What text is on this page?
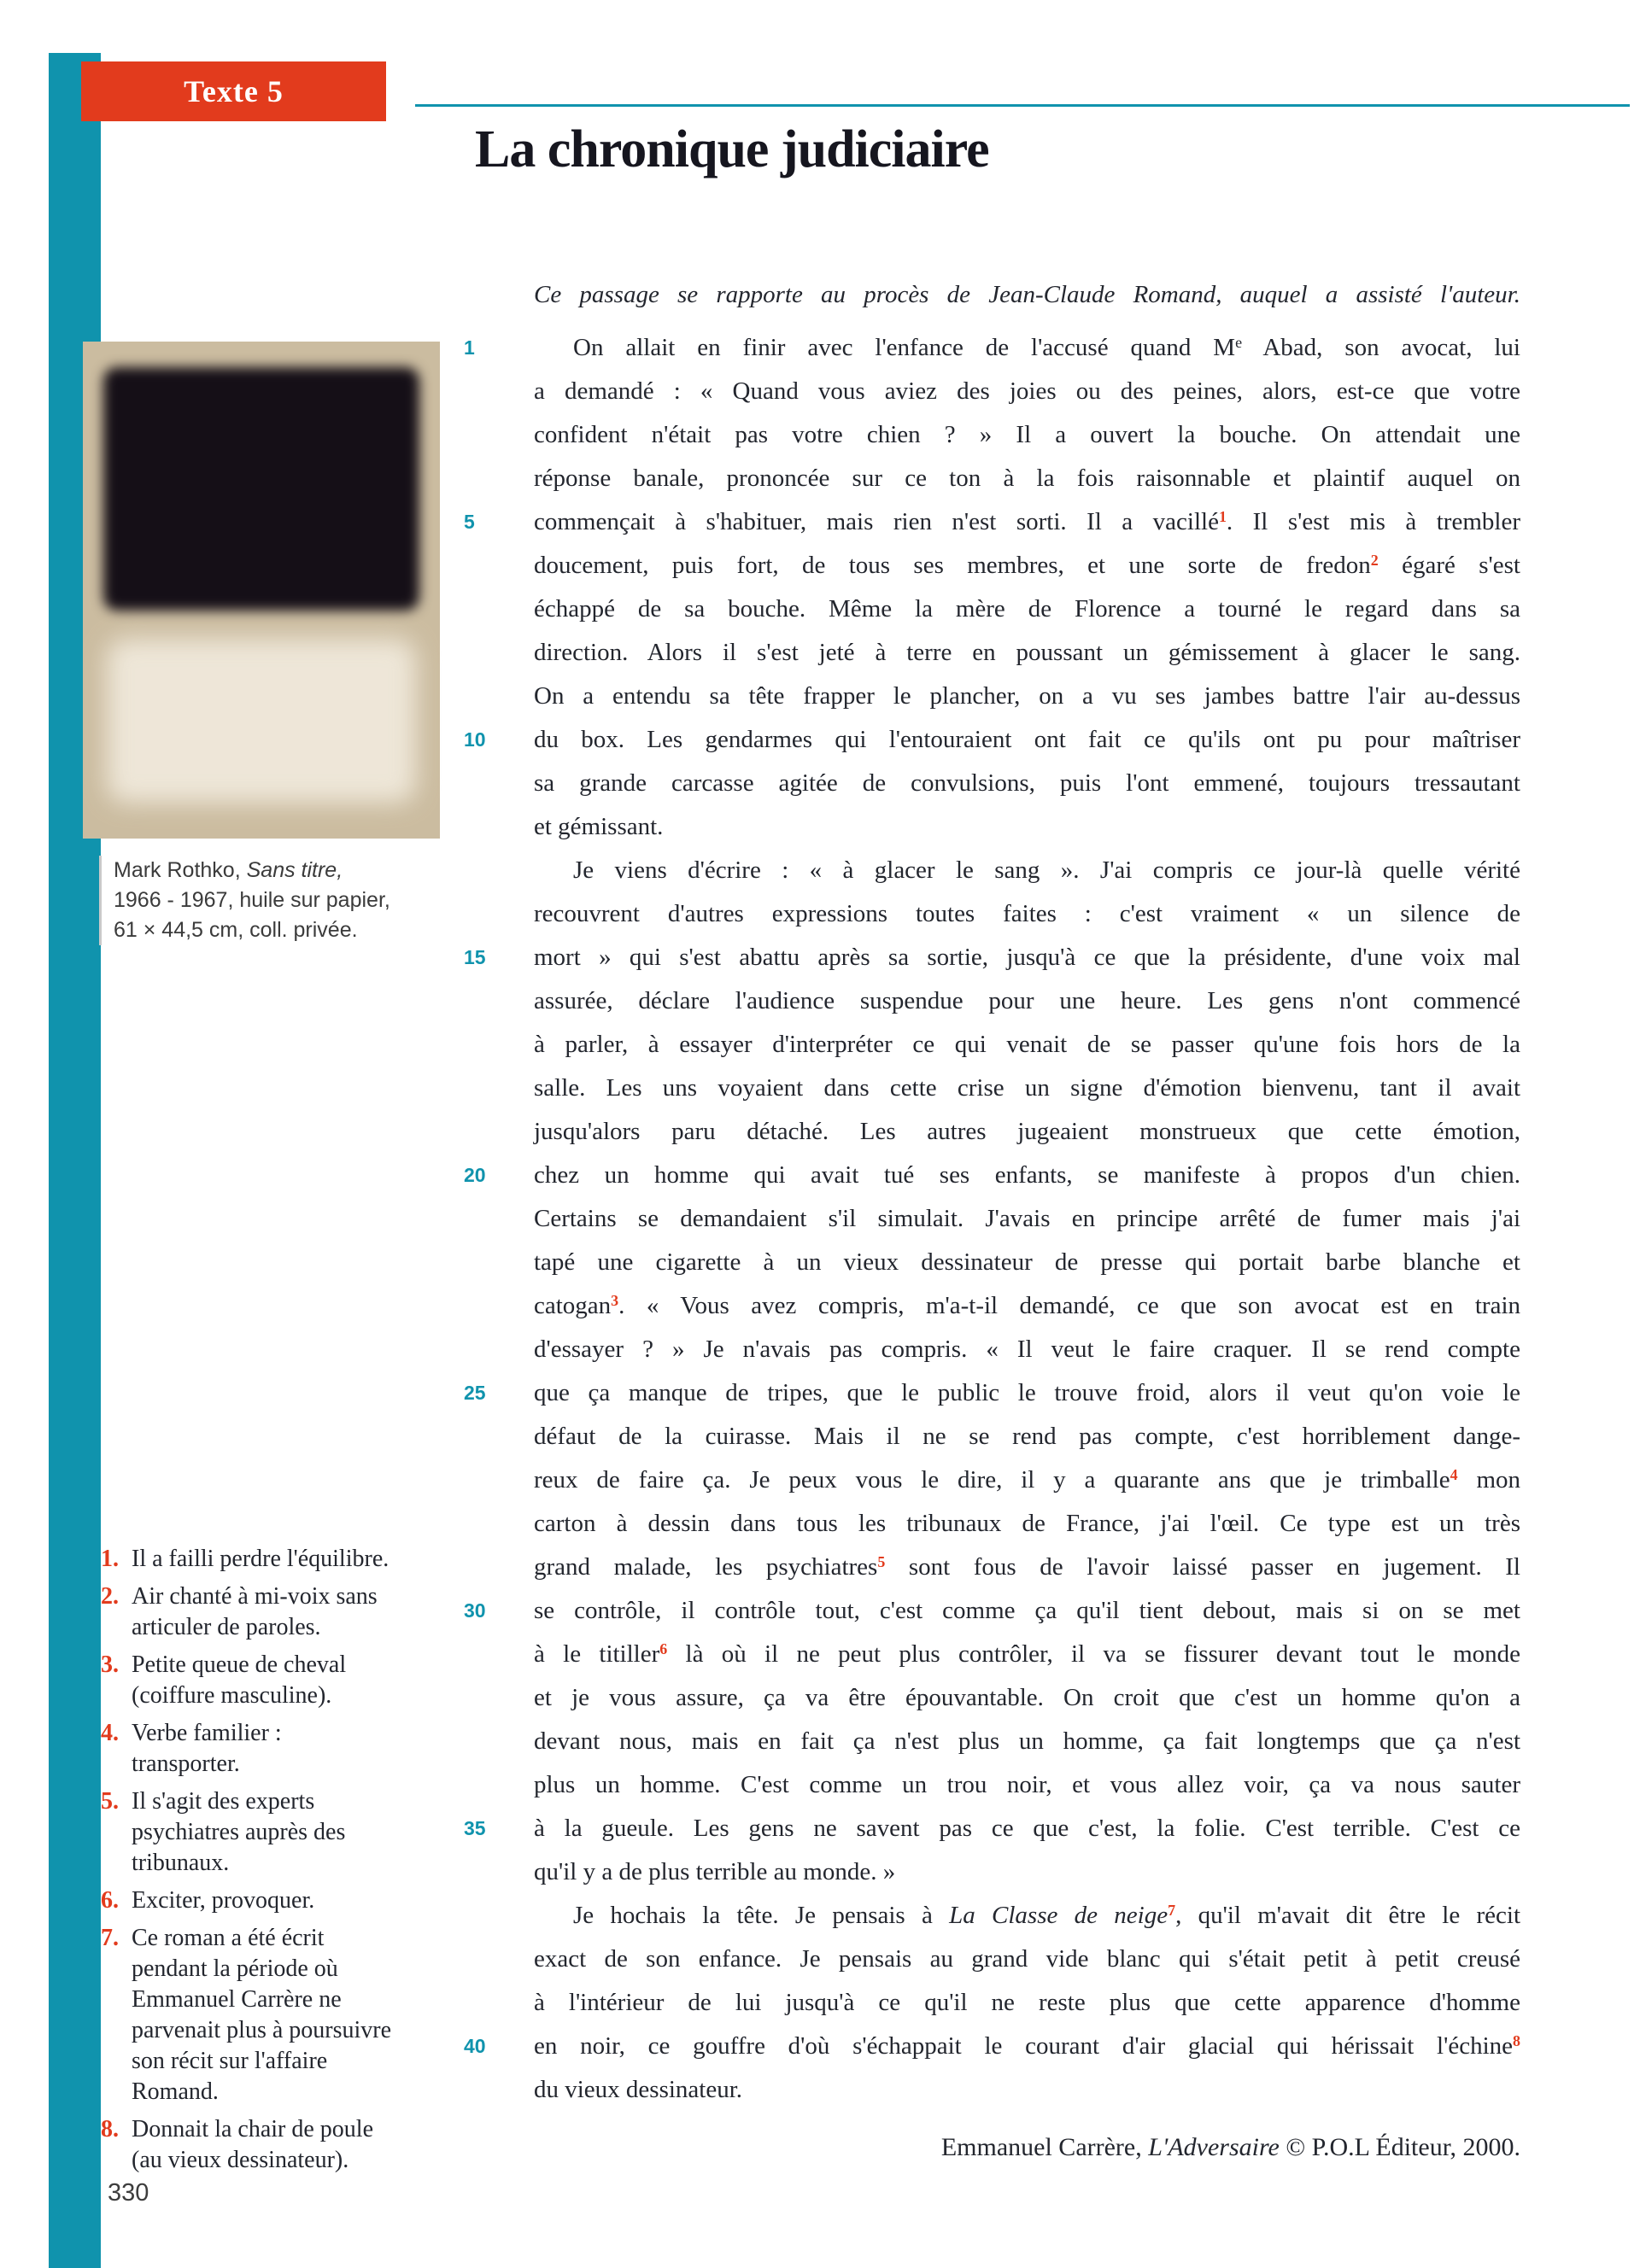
Texte 5
La chronique judiciaire
Ce passage se rapporte au procès de Jean-Claude Romand, auquel a assisté l'auteur.
Mark Rothko, Sans titre,
1966 - 1967, huile sur papier,
61 × 44,5 cm, coll. privée.
1	On allait en finir avec l'enfance de l'accusé quand Me Abad, son avocat, lui
a demandé : « Quand vous aviez des joies ou des peines, alors, est-ce que votre
confident n'était pas votre chien ? » Il a ouvert la bouche. On attendait une
réponse banale, prononcée sur ce ton à la fois raisonnable et plaintif auquel on
5	commençait à s'habituer, mais rien n'est sorti. Il a vacillé$^1$. Il s'est mis à trembler
doucement, puis fort, de tous ses membres, et une sorte de fredon$^2$ égaré s'est
échappé de sa bouche. Même la mère de Florence a tourné le regard dans sa
direction. Alors il s'est jeté à terre en poussant un gémissement à glacer le sang.
On a entendu sa tête frapper le plancher, on a vu ses jambes battre l'air au-dessus
10	du box. Les gendarmes qui l'entouraient ont fait ce qu'ils ont pu pour maîtriser
sa grande carcasse agitée de convulsions, puis l'ont emmené, toujours tressautant
et gémissant.
Je viens d'écrire : « à glacer le sang ». J'ai compris ce jour-là quelle vérité
recouvrent d'autres expressions toutes faites : c'est vraiment « un silence de
15	mort » qui s'est abattu après sa sortie, jusqu'à ce que la présidente, d'une voix mal
assurée, déclare l'audience suspendue pour une heure. Les gens n'ont commencé
à parler, à essayer d'interpréter ce qui venait de se passer qu'une fois hors de la
salle. Les uns voyaient dans cette crise un signe d'émotion bienvenu, tant il avait
jusqu'alors paru détaché. Les autres jugeaient monstrueux que cette émotion,
20	chez un homme qui avait tué ses enfants, se manifeste à propos d'un chien.
Certains se demandaient s'il simulait. J'avais en principe arrêté de fumer mais j'ai
tapé une cigarette à un vieux dessinateur de presse qui portait barbe blanche et
catogan$^3$. « Vous avez compris, m'a-t-il demandé, ce que son avocat est en train
d'essayer ? » Je n'avais pas compris. « Il veut le faire craquer. Il se rend compte
25	que ça manque de tripes, que le public le trouve froid, alors il veut qu'on voie le
défaut de la cuirasse. Mais il ne se rend pas compte, c'est horriblement dange-
reux de faire ça. Je peux vous le dire, il y a quarante ans que je trimballe$^4$ mon
carton à dessin dans tous les tribunaux de France, j'ai l'œil. Ce type est un très
grand malade, les psychiatres$^5$ sont fous de l'avoir laissé passer en jugement. Il
30	se contrôle, il contrôle tout, c'est comme ça qu'il tient debout, mais si on se met
à le titiller$^6$ là où il ne peut plus contrôler, il va se fissurer devant tout le monde
et je vous assure, ça va être épouvantable. On croit que c'est un homme qu'on a
devant nous, mais en fait ça n'est plus un homme, ça fait longtemps que ça n'est
plus un homme. C'est comme un trou noir, et vous allez voir, ça va nous sauter
35	à la gueule. Les gens ne savent pas ce que c'est, la folie. C'est terrible. C'est ce
qu'il y a de plus terrible au monde. »
Je hochais la tête. Je pensais à La Classe de neige$^7$, qu'il m'avait dit être le récit
exact de son enfance. Je pensais au grand vide blanc qui s'était petit à petit creusé
à l'intérieur de lui jusqu'à ce qu'il ne reste plus que cette apparence d'homme
40	en noir, ce gouffre d'où s'échappait le courant d'air glacial qui hérissait l'échine$^8$
du vieux dessinateur.
Emmanuel Carrère, L'Adversaire © P.O.L Éditeur, 2000.
1. Il a failli perdre l'équilibre.
2. Air chanté à mi-voix sans articuler de paroles.
3. Petite queue de cheval (coiffure masculine).
4. Verbe familier : transporter.
5. Il s'agit des experts psychiatres auprès des tribunaux.
6. Exciter, provoquer.
7. Ce roman a été écrit pendant la période où Emmanuel Carrère ne parvenait plus à poursuivre son récit sur l'affaire Romand.
8. Donnait la chair de poule (au vieux dessinateur).
330
